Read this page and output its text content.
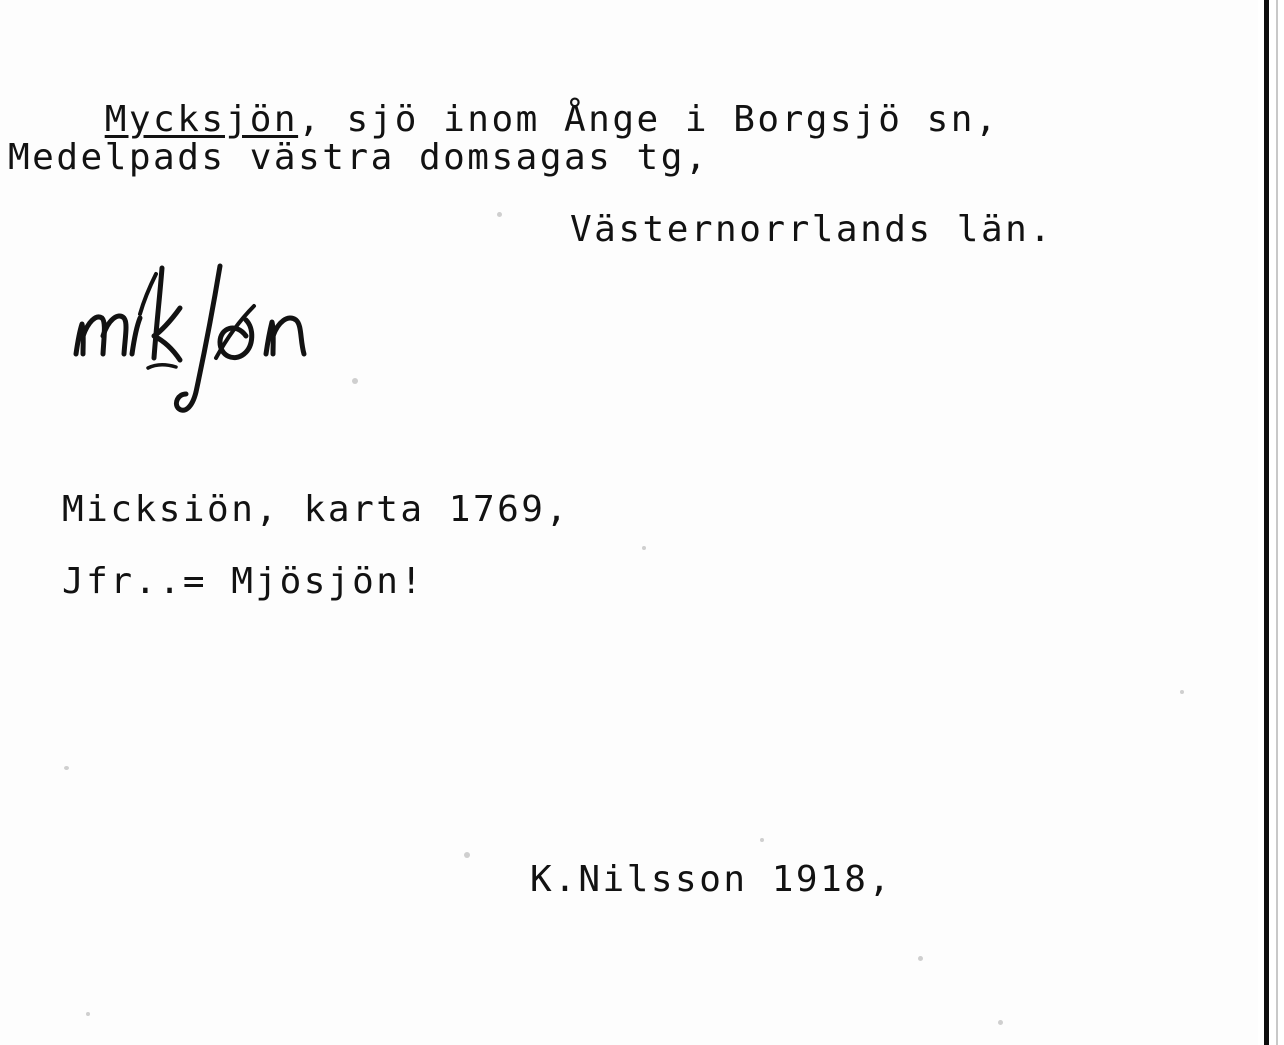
Mycksjön, sjö inom Ånge i Borgsjö sn,

Medelpads västra domsagas tg,
Västernorrlands län.
Micksiön, karta 1769,
Jfr..= Mjösjön!
K.Nilsson 1918,
